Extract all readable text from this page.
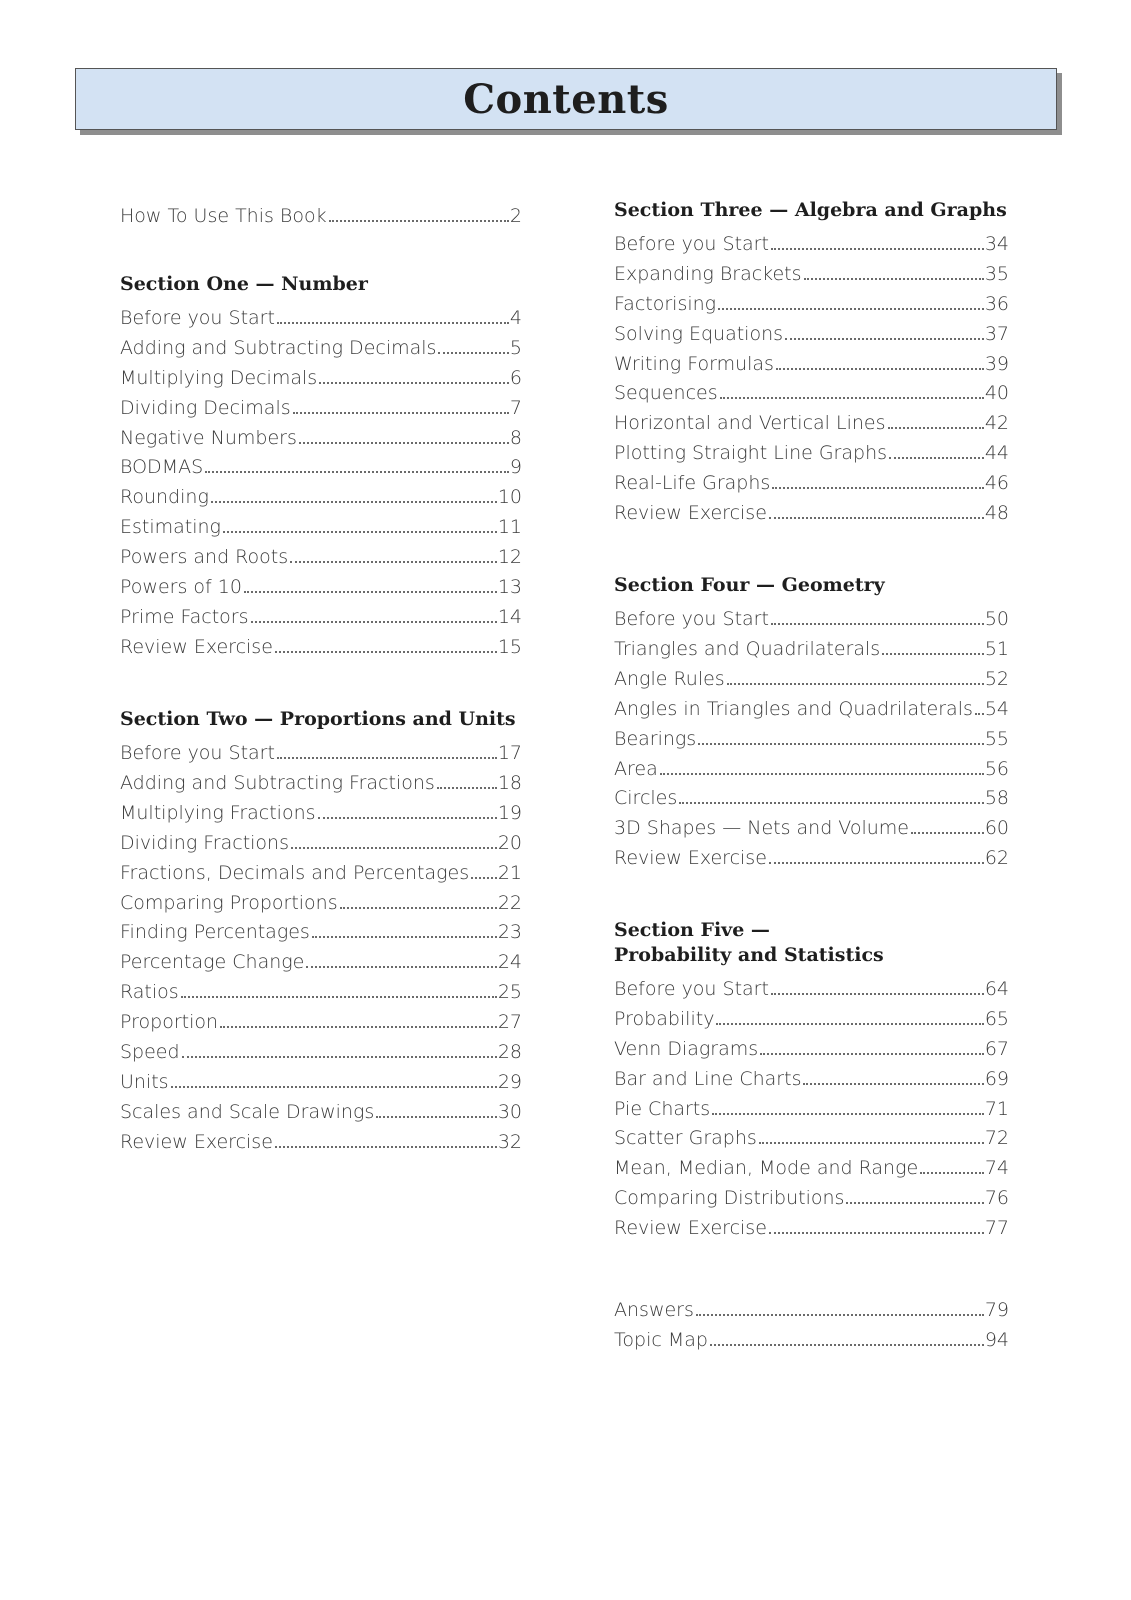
Contents
How To Use This Book	2
Section One — Number
Before you Start	4
Adding and Subtracting Decimals	5
Multiplying Decimals	6
Dividing Decimals	7
Negative Numbers	8
BODMAS	9
Rounding	10
Estimating	11
Powers and Roots	12
Powers of 10	13
Prime Factors	14
Review Exercise	15
Section Two — Proportions and Units
Before you Start	17
Adding and Subtracting Fractions	18
Multiplying Fractions	19
Dividing Fractions	20
Fractions, Decimals and Percentages 21
Comparing Proportions	22
Finding Percentages	23
Percentage Change	24
Ratios	25
Proportion	27
Speed	28
Units	29
Scales and Scale Drawings	30
Review Exercise	32
Section Three — Algebra and Graphs
Before you Start	34
Expanding Brackets	35
Factorising	36
Solving Equations	37
Writing Formulas	39
Sequences	40
Horizontal and Vertical Lines	42
Plotting Straight Line Graphs	44
Real-Life Graphs	46
Review Exercise	48
Section Four — Geometry
Before you Start	50
Triangles and Quadrilaterals	51
Angle Rules	52
Angles in Triangles and Quadrilaterals 54
Bearings	55
Area	56
Circles	58
3D Shapes — Nets and Volume	60
Review Exercise	62
Section Five —
Probability and Statistics
Before you Start	64
Probability	65
Venn Diagrams	67
Bar and Line Charts	69
Pie Charts	71
Scatter Graphs	72
Mean, Median, Mode and Range	74
Comparing Distributions	76
Review Exercise	77
Answers	79
Topic Map	94
